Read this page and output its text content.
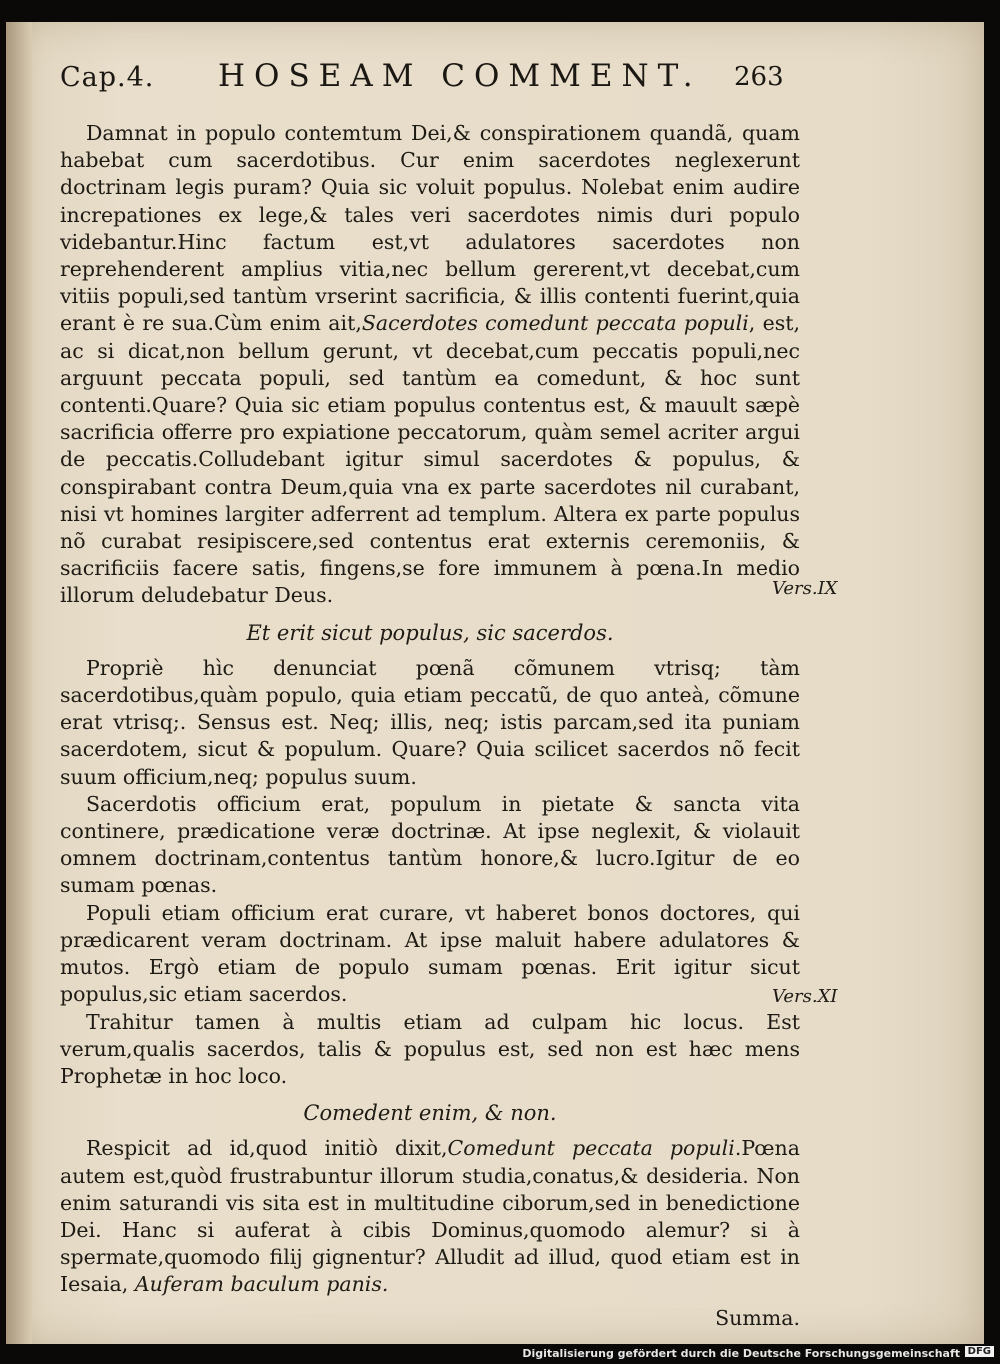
Cap.4. HOSEAM COMMENT. 263

Damnat in populo contemtum Dei,& conspirationem quandã, quam habebat cum sacerdotibus. Cur enim sacerdotes neglexerunt doctrinam legis puram? Quia sic voluit populus. Nolebat enim audire increpationes ex lege,& tales veri sacerdotes nimis duri populo videbantur.Hinc factum est,vt adulatores sacerdotes non reprehenderent amplius vitia,nec bellum gererent,vt decebat,cum vitiis populi,sed tantùm vrserint sacrificia, & illis contenti fuerint,quia erant è re sua.Cùm enim ait,Sacerdotes comedunt peccata populi, est, ac si dicat,non bellum gerunt, vt decebat,cum peccatis populi,nec arguunt peccata populi, sed tantùm ea comedunt, & hoc sunt contenti.Quare? Quia sic etiam populus contentus est, & mauult sæpè sacrificia offerre pro expiatione peccatorum, quàm semel acriter argui de peccatis.Colludebant igitur simul sacerdotes & populus, & conspirabant contra Deum,quia vna ex parte sacerdotes nil curabant, nisi vt homines largiter adferrent ad templum. Altera ex parte populus nõ curabat resipiscere,sed contentus erat externis ceremoniis, & sacrificiis facere satis, fingens,se fore immunem à pœna.In medio illorum deludebatur Deus.

Et erit sicut populus, sic sacerdos.

Propriè hìc denunciat pœnã cõmunem vtrisq; tàm sacerdotibus,quàm populo, quia etiam peccatũ, de quo anteà, cõmune erat vtrisq;. Sensus est. Neq; illis, neq; istis parcam,sed ita puniam sacerdotem, sicut & populum. Quare? Quia scilicet sacerdos nõ fecit suum officium,neq; populus suum.

Sacerdotis officium erat, populum in pietate & sancta vita continere, prædicatione veræ doctrinæ. At ipse neglexit, & violauit omnem doctrinam,contentus tantùm honore,& lucro.Igitur de eo sumam pœnas.

Populi etiam officium erat curare, vt haberet bonos doctores, qui prædicarent veram doctrinam. At ipse maluit habere adulatores & mutos. Ergò etiam de populo sumam pœnas. Erit igitur sicut populus,sic etiam sacerdos.

Trahitur tamen à multis etiam ad culpam hic locus. Est verum,qualis sacerdos, talis & populus est, sed non est hæc mens Prophetæ in hoc loco.

Comedent enim, & non.

Respicit ad id,quod initiò dixit,Comedunt peccata populi.Pœna autem est,quòd frustrabuntur illorum studia,conatus,& desideria. Non enim saturandi vis sita est in multitudine ciborum,sed in benedictione Dei. Hanc si auferat à cibis Dominus,quomodo alemur? si à spermate,quomodo filij gignentur? Alludit ad illud, quod etiam est in Iesaia, Auferam baculum panis.

Summa.
Vers.IX
Vers.XI
Digitalisierung gefördert durch die Deutsche Forschungsgemeinschaft DFG
